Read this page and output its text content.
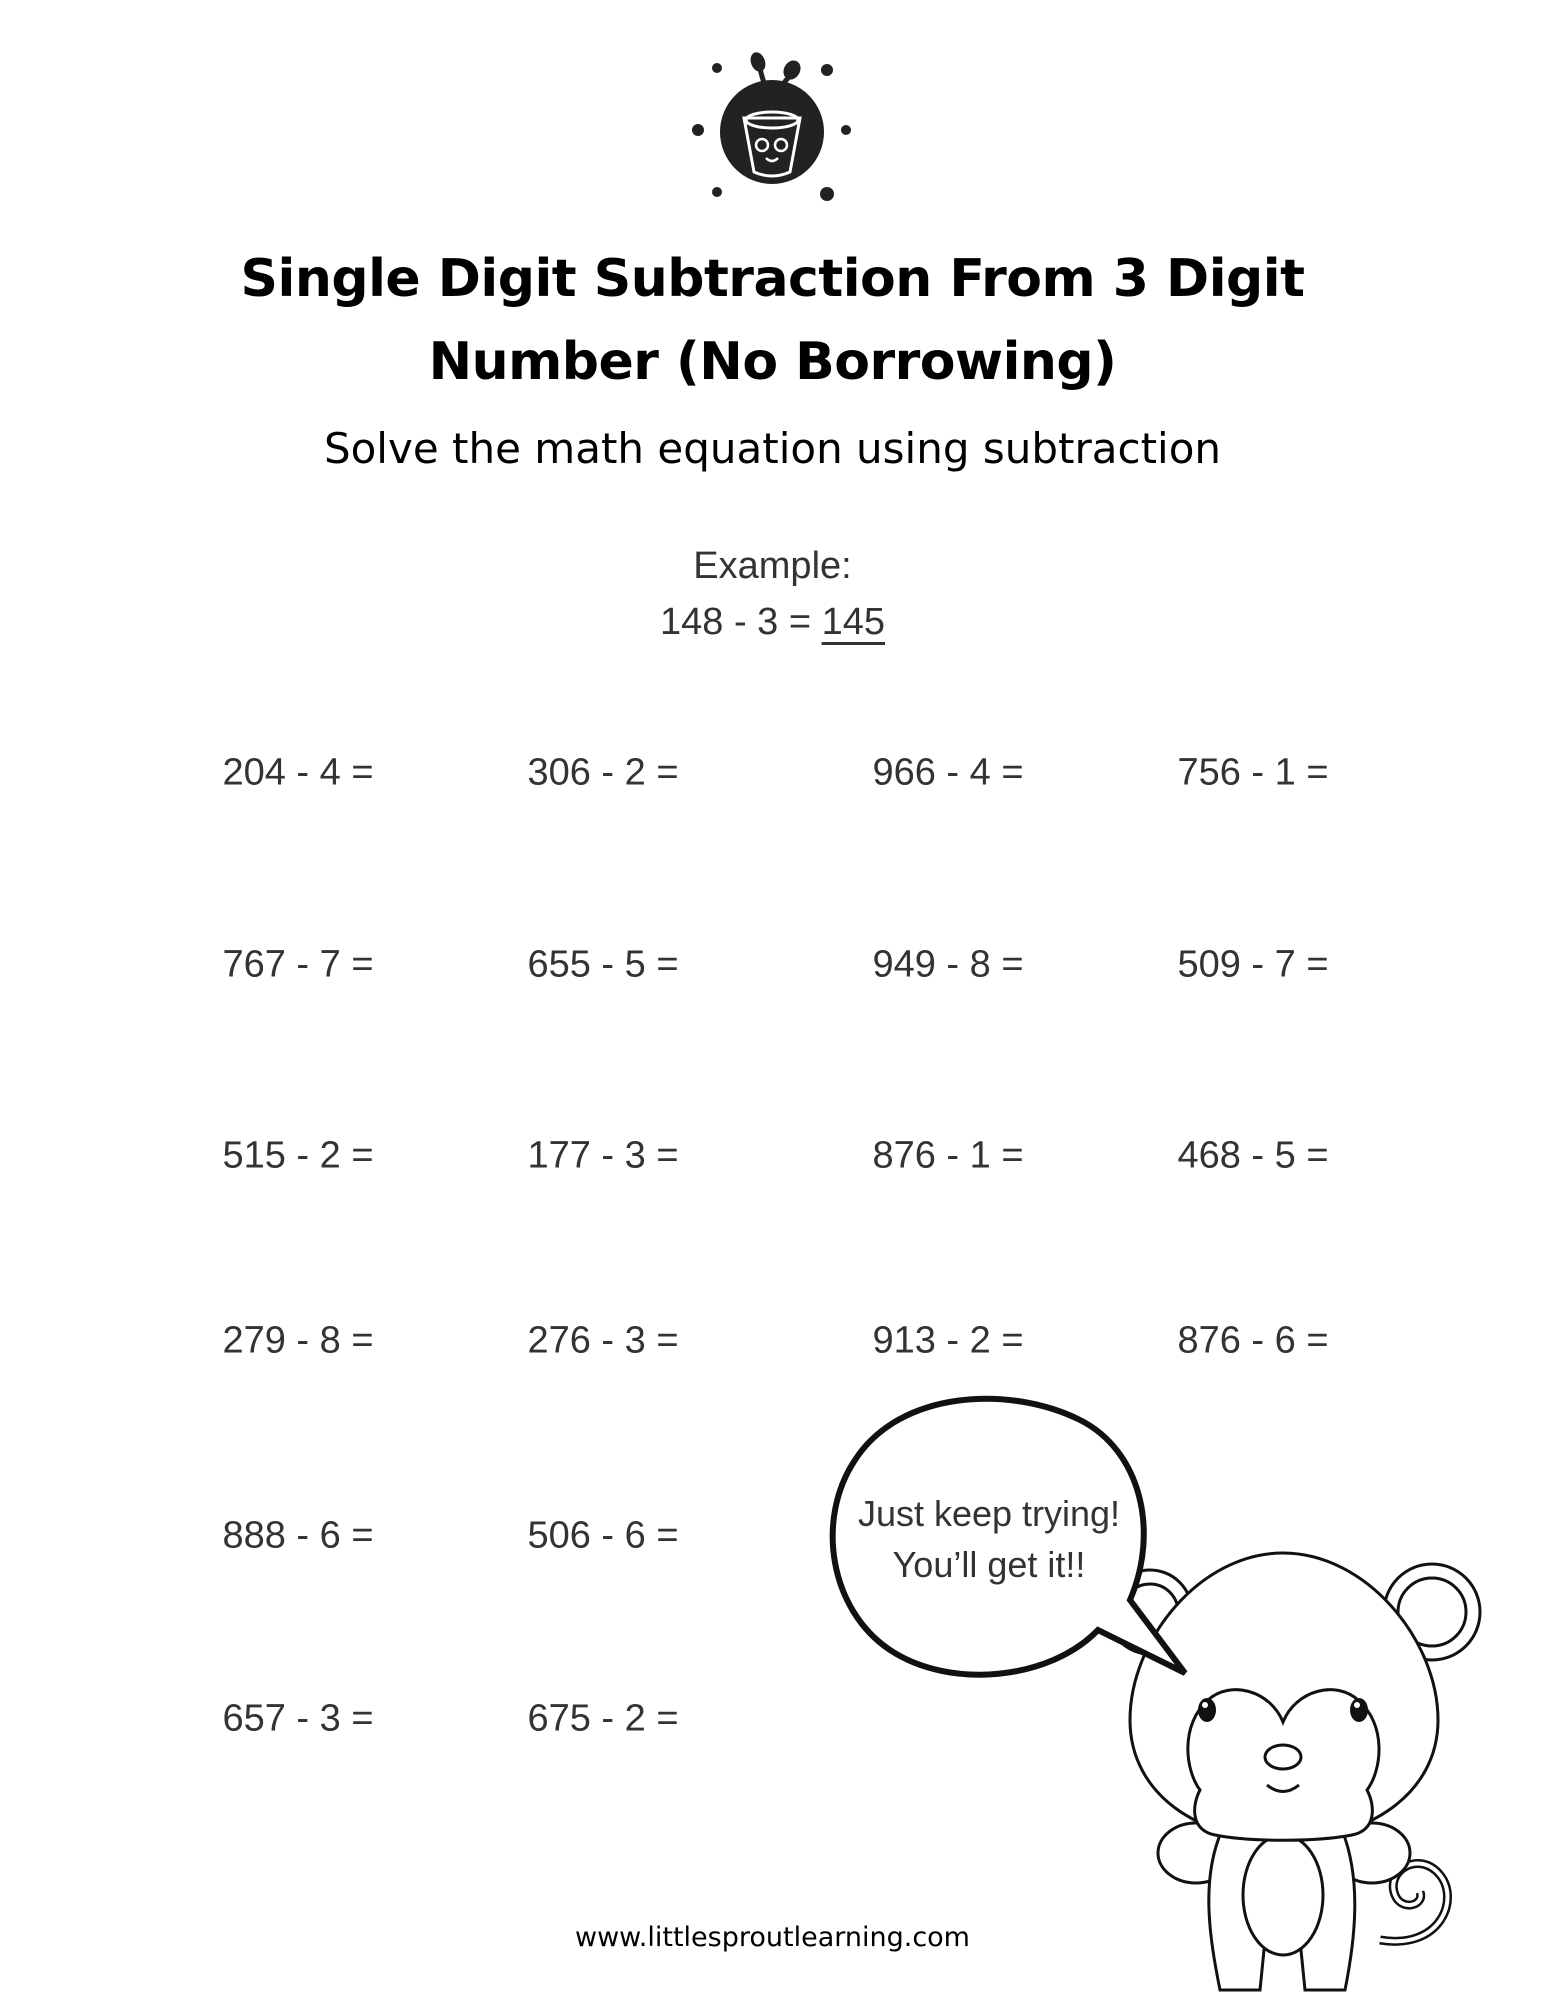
Single Digit Subtraction From 3 Digit
Number (No Borrowing)
Solve the math equation using subtraction
Example:
148 - 3 = 145
204 - 4 =	306 - 2 =	966 - 4 =	756 - 1 =
767 - 7 =	655 - 5 =	949 - 8 =	509 - 7 =
515 - 2 =	177 - 3 =	876 - 1 =	468 - 5 =
279 - 8 =	276 - 3 =	913 - 2 =	876 - 6 =
888 - 6 =	506 - 6 =
657 - 3 =	675 - 2 =
Just keep trying!
You’ll get it!!
www.littlesproutlearning.com
